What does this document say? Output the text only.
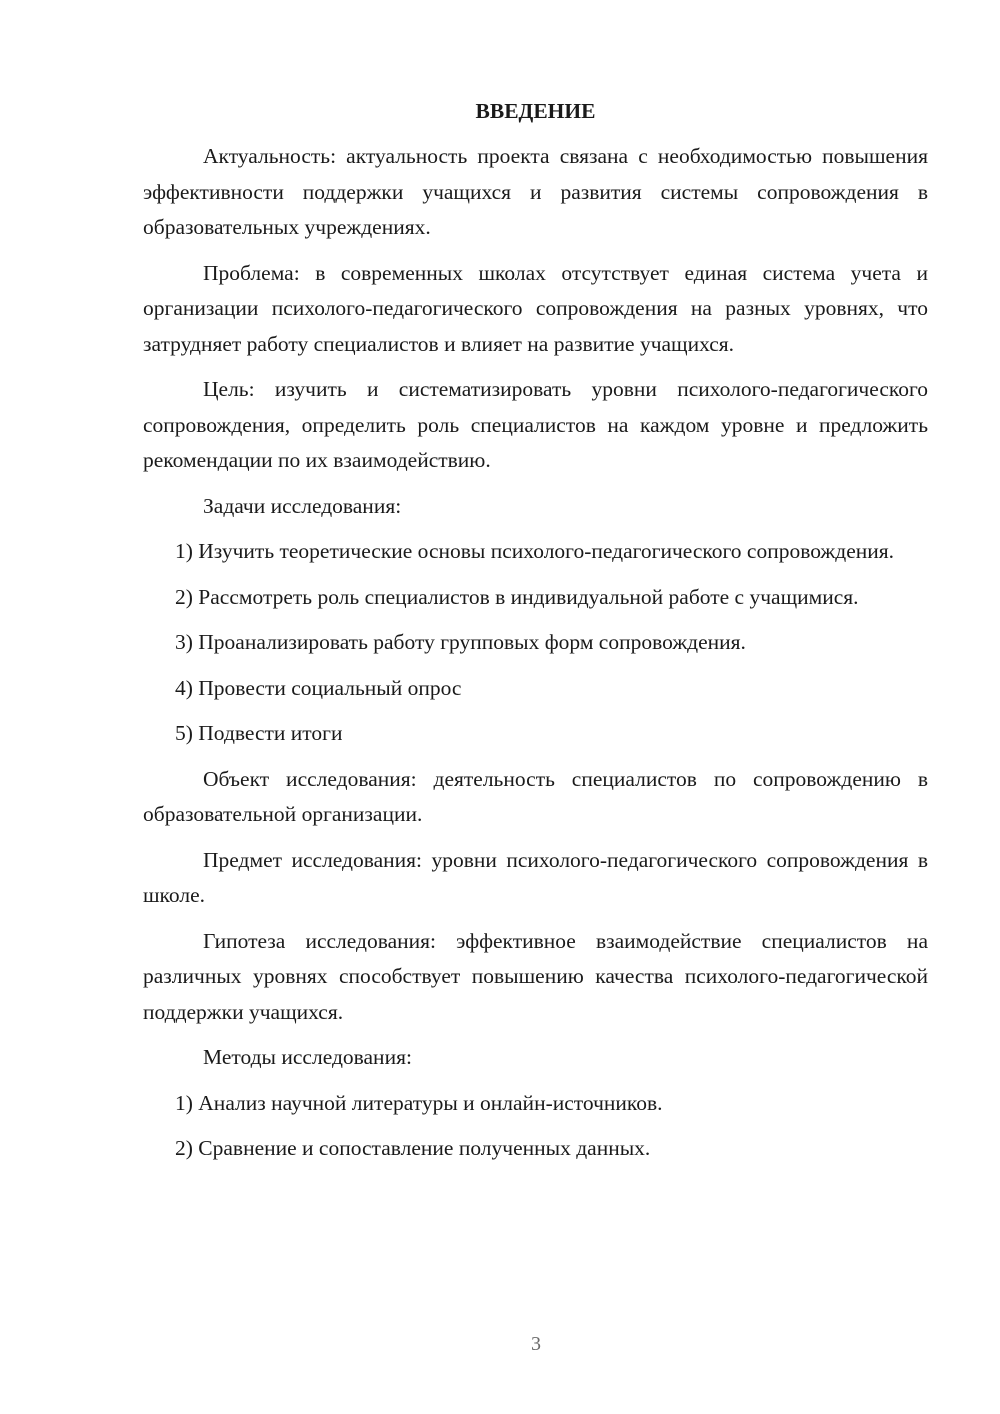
ВВЕДЕНИЕ

Актуальность: актуальность проекта связана с необходимостью повышения эффективности поддержки учащихся и развития системы сопровождения в образовательных учреждениях.

Проблема: в современных школах отсутствует единая система учета и организации психолого-педагогического сопровождения на разных уровнях, что затрудняет работу специалистов и влияет на развитие учащихся.

Цель: изучить и систематизировать уровни психолого-педагогического сопровождения, определить роль специалистов на каждом уровне и предложить рекомендации по их взаимодействию.

Задачи исследования:

1) Изучить теоретические основы психолого-педагогического сопровождения.

2) Рассмотреть роль специалистов в индивидуальной работе с учащимися.

3) Проанализировать работу групповых форм сопровождения.

4) Провести социальный опрос

5) Подвести итоги

Объект исследования: деятельность специалистов по сопровождению в образовательной организации.

Предмет исследования: уровни психолого-педагогического сопровождения в школе.

Гипотеза исследования: эффективное взаимодействие специалистов на различных уровнях способствует повышению качества психолого-педагогической поддержки учащихся.

Методы исследования:

1) Анализ научной литературы и онлайн-источников.

2) Сравнение и сопоставление полученных данных.

3
